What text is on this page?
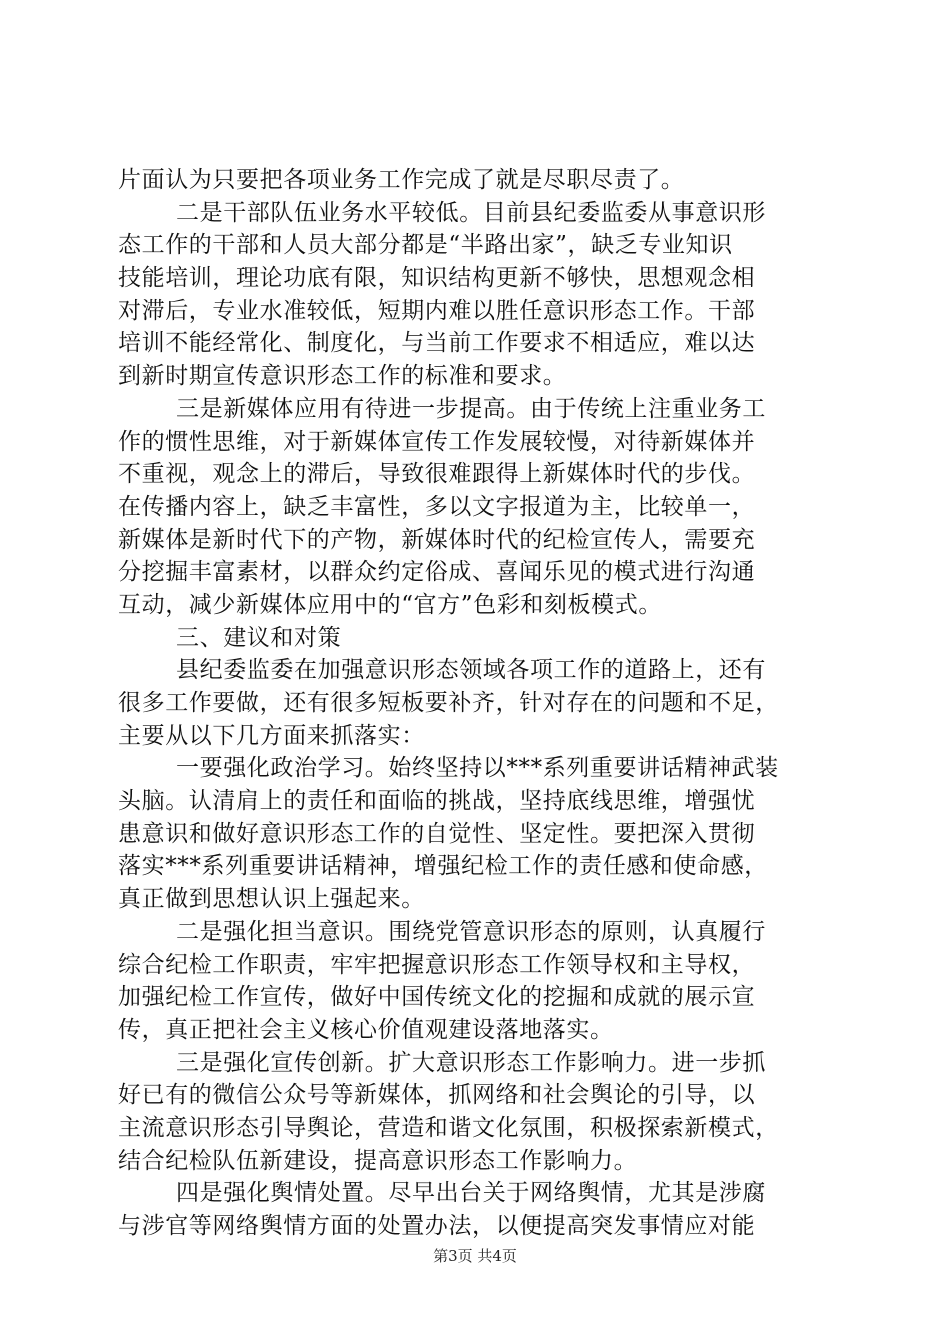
片面认为只要把各项业务工作完成了就是尽职尽责了。
二是干部队伍业务水平较低。目前县纪委监委从事意识形
态工作的干部和人员大部分都是“半路出家”，缺乏专业知识
技能培训，理论功底有限，知识结构更新不够快，思想观念相
对滞后，专业水准较低，短期内难以胜任意识形态工作。干部
培训不能经常化、制度化，与当前工作要求不相适应，难以达
到新时期宣传意识形态工作的标准和要求。
三是新媒体应用有待进一步提高。由于传统上注重业务工
作的惯性思维，对于新媒体宣传工作发展较慢，对待新媒体并
不重视，观念上的滞后，导致很难跟得上新媒体时代的步伐。
在传播内容上，缺乏丰富性，多以文字报道为主，比较单一，
新媒体是新时代下的产物，新媒体时代的纪检宣传人，需要充
分挖掘丰富素材，以群众约定俗成、喜闻乐见的模式进行沟通
互动，减少新媒体应用中的“官方”色彩和刻板模式。
三、建议和对策
县纪委监委在加强意识形态领域各项工作的道路上，还有
很多工作要做，还有很多短板要补齐，针对存在的问题和不足，
主要从以下几方面来抓落实：
一要强化政治学习。始终坚持以***系列重要讲话精神武装
头脑。认清肩上的责任和面临的挑战，坚持底线思维，增强忧
患意识和做好意识形态工作的自觉性、坚定性。要把深入贯彻
落实***系列重要讲话精神，增强纪检工作的责任感和使命感，
真正做到思想认识上强起来。
二是强化担当意识。围绕党管意识形态的原则，认真履行
综合纪检工作职责，牢牢把握意识形态工作领导权和主导权，
加强纪检工作宣传，做好中国传统文化的挖掘和成就的展示宣
传，真正把社会主义核心价值观建设落地落实。
三是强化宣传创新。扩大意识形态工作影响力。进一步抓
好已有的微信公众号等新媒体，抓网络和社会舆论的引导，以
主流意识形态引导舆论，营造和谐文化氛围，积极探索新模式，
结合纪检队伍新建设，提高意识形态工作影响力。
四是强化舆情处置。尽早出台关于网络舆情，尤其是涉腐
与涉官等网络舆情方面的处置办法，以便提高突发事情应对能
第3页 共4页
